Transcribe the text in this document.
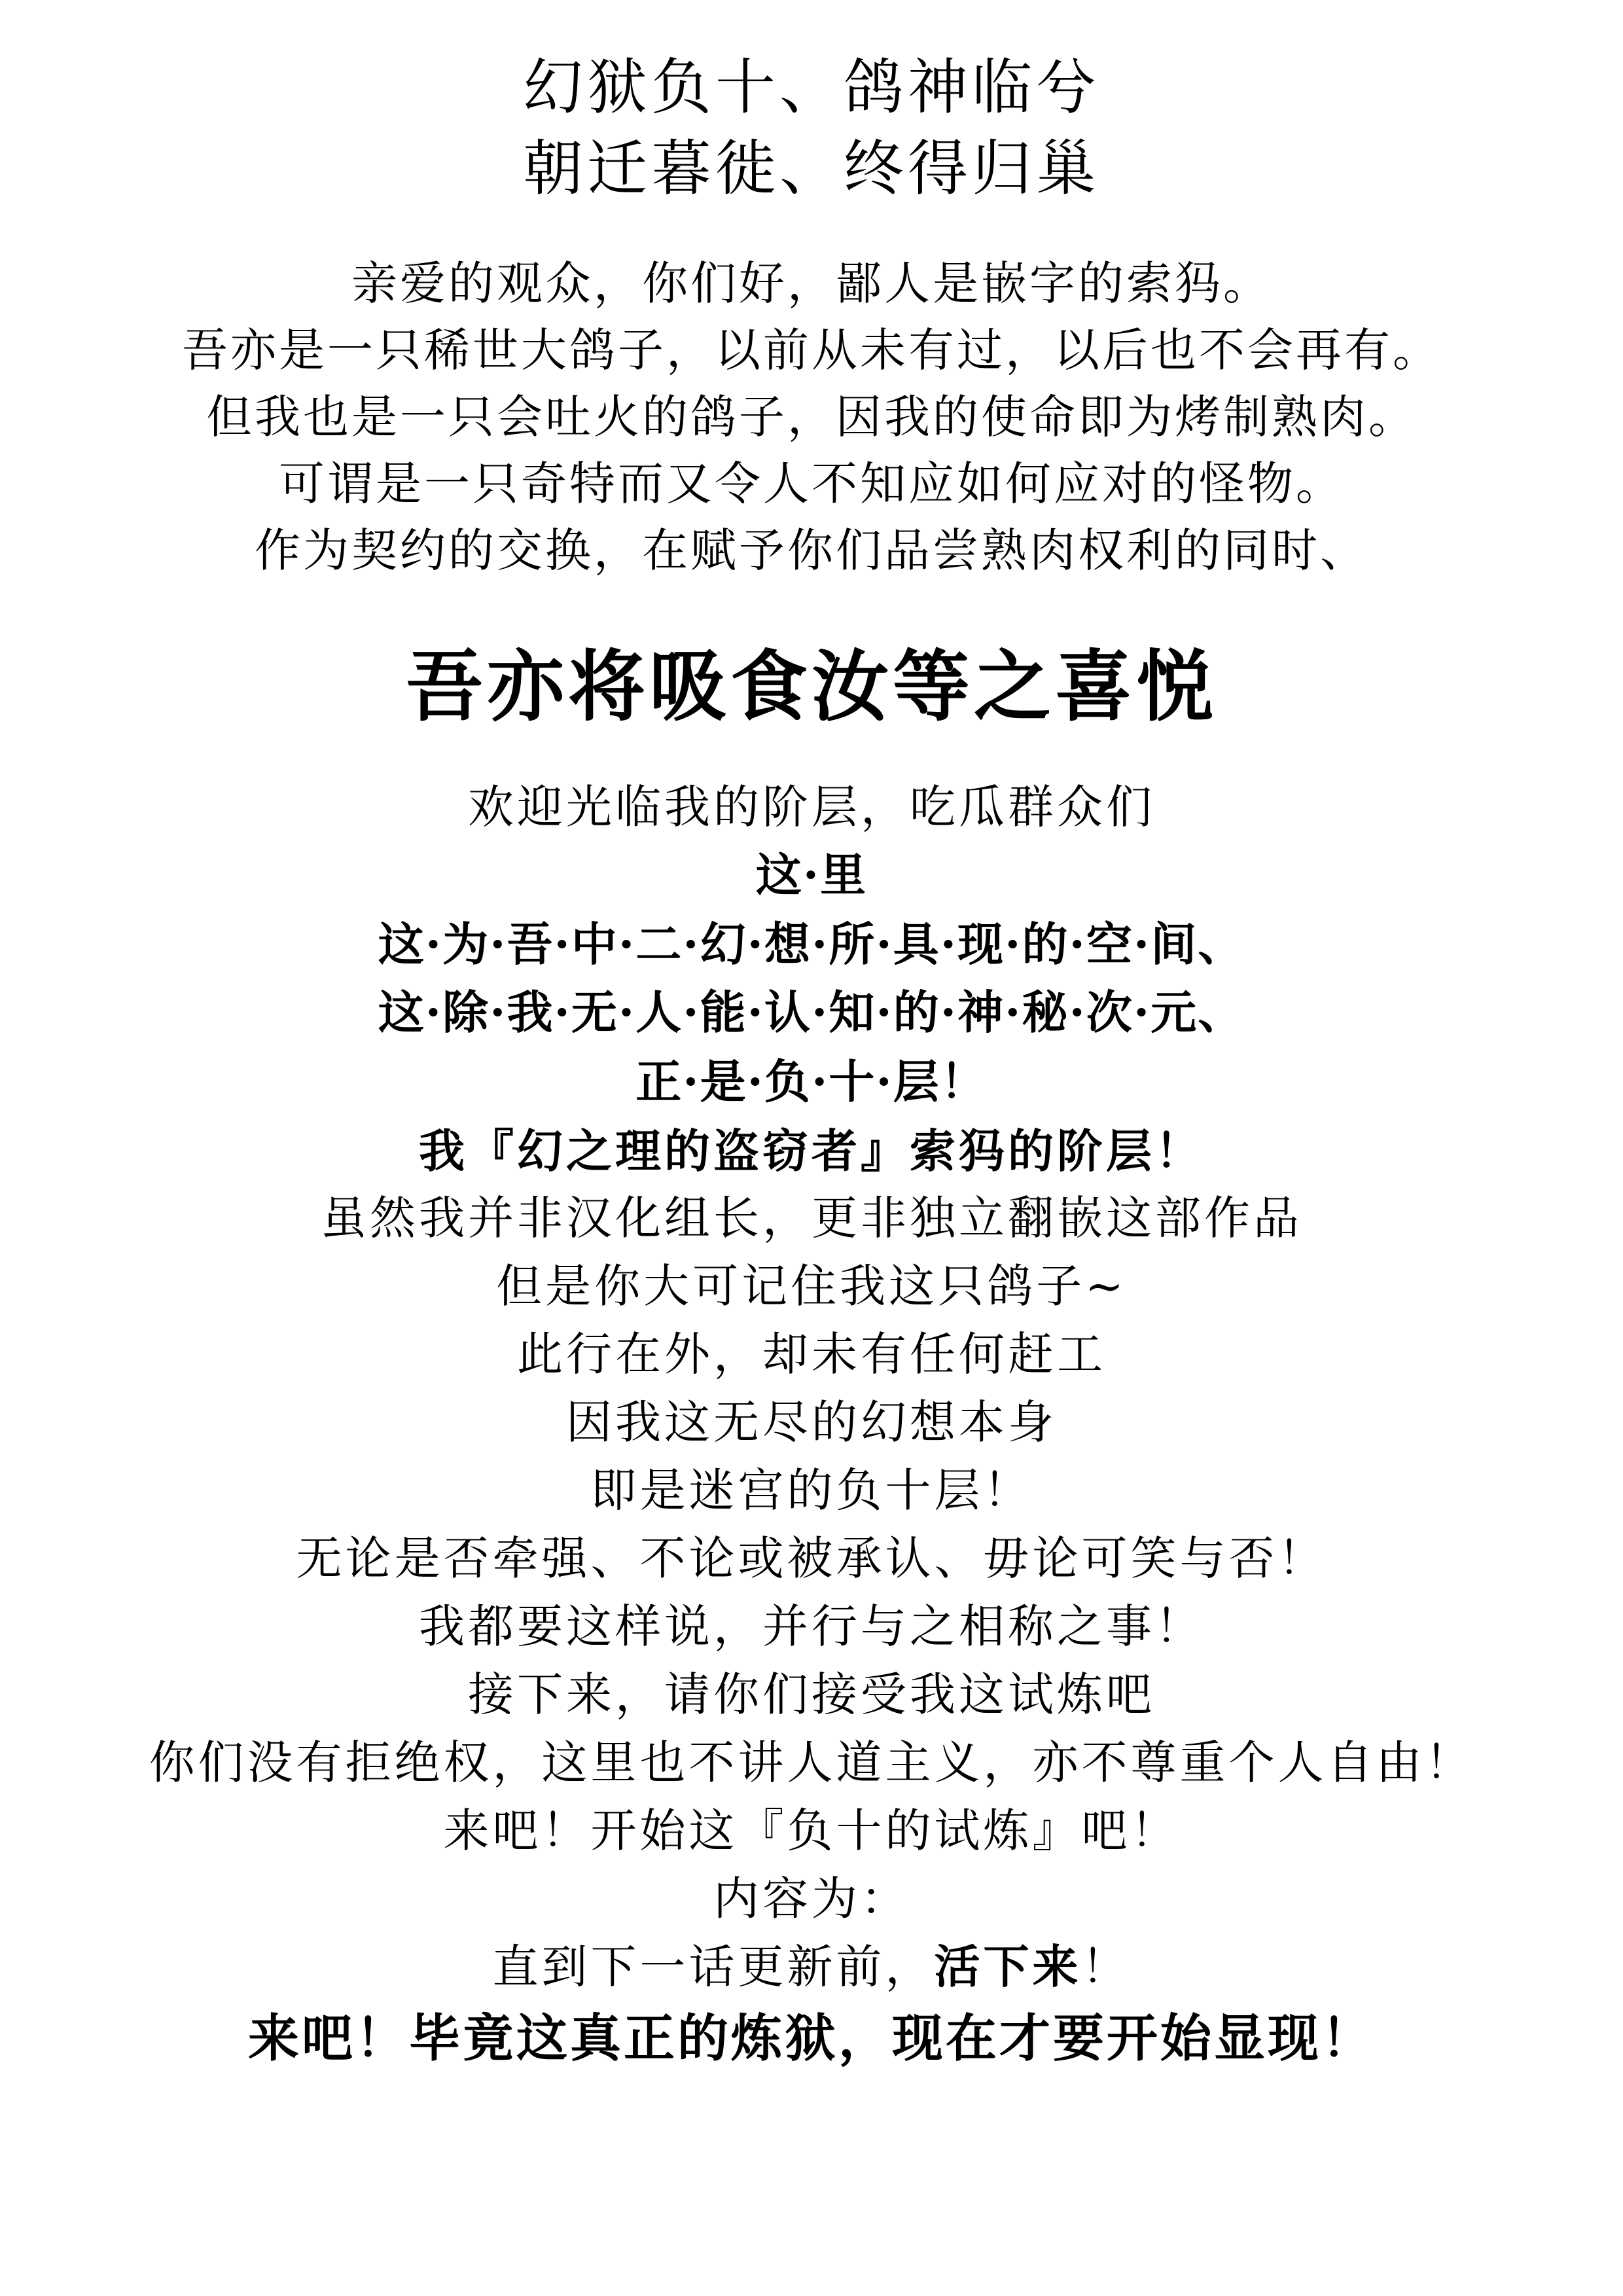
幻狱负十、鸽神临兮
朝迁暮徙、终得归巢

亲爱的观众，你们好，鄙人是嵌字的索犸。

吾亦是一只稀世大鸽子，以前从未有过，以后也不会再有。

但我也是一只会吐火的鸽子，因我的使命即为烤制熟肉。

可谓是一只奇特而又令人不知应如何应对的怪物。

作为契约的交换，在赋予你们品尝熟肉权利的同时、

吾亦将吸食汝等之喜悦

欢迎光临我的阶层，吃瓜群众们

这·里

这·为·吾·中·二·幻·想·所·具·现·的·空·间、

这·除·我·无·人·能·认·知·的·神·秘·次·元、

正·是·负·十·层！

我『幻之理的盗窃者』索犸的阶层！

虽然我并非汉化组长，更非独立翻嵌这部作品

但是你大可记住我这只鸽子~

此行在外，却未有任何赶工

因我这无尽的幻想本身

即是迷宫的负十层！

无论是否牵强、不论或被承认、毋论可笑与否！

我都要这样说，并行与之相称之事！

接下来，请你们接受我这试炼吧

你们没有拒绝权，这里也不讲人道主义，亦不尊重个人自由！

来吧！开始这『负十的试炼』吧！

内容为：

直到下一话更新前，活下来！

来吧！毕竟这真正的炼狱，现在才要开始显现！
